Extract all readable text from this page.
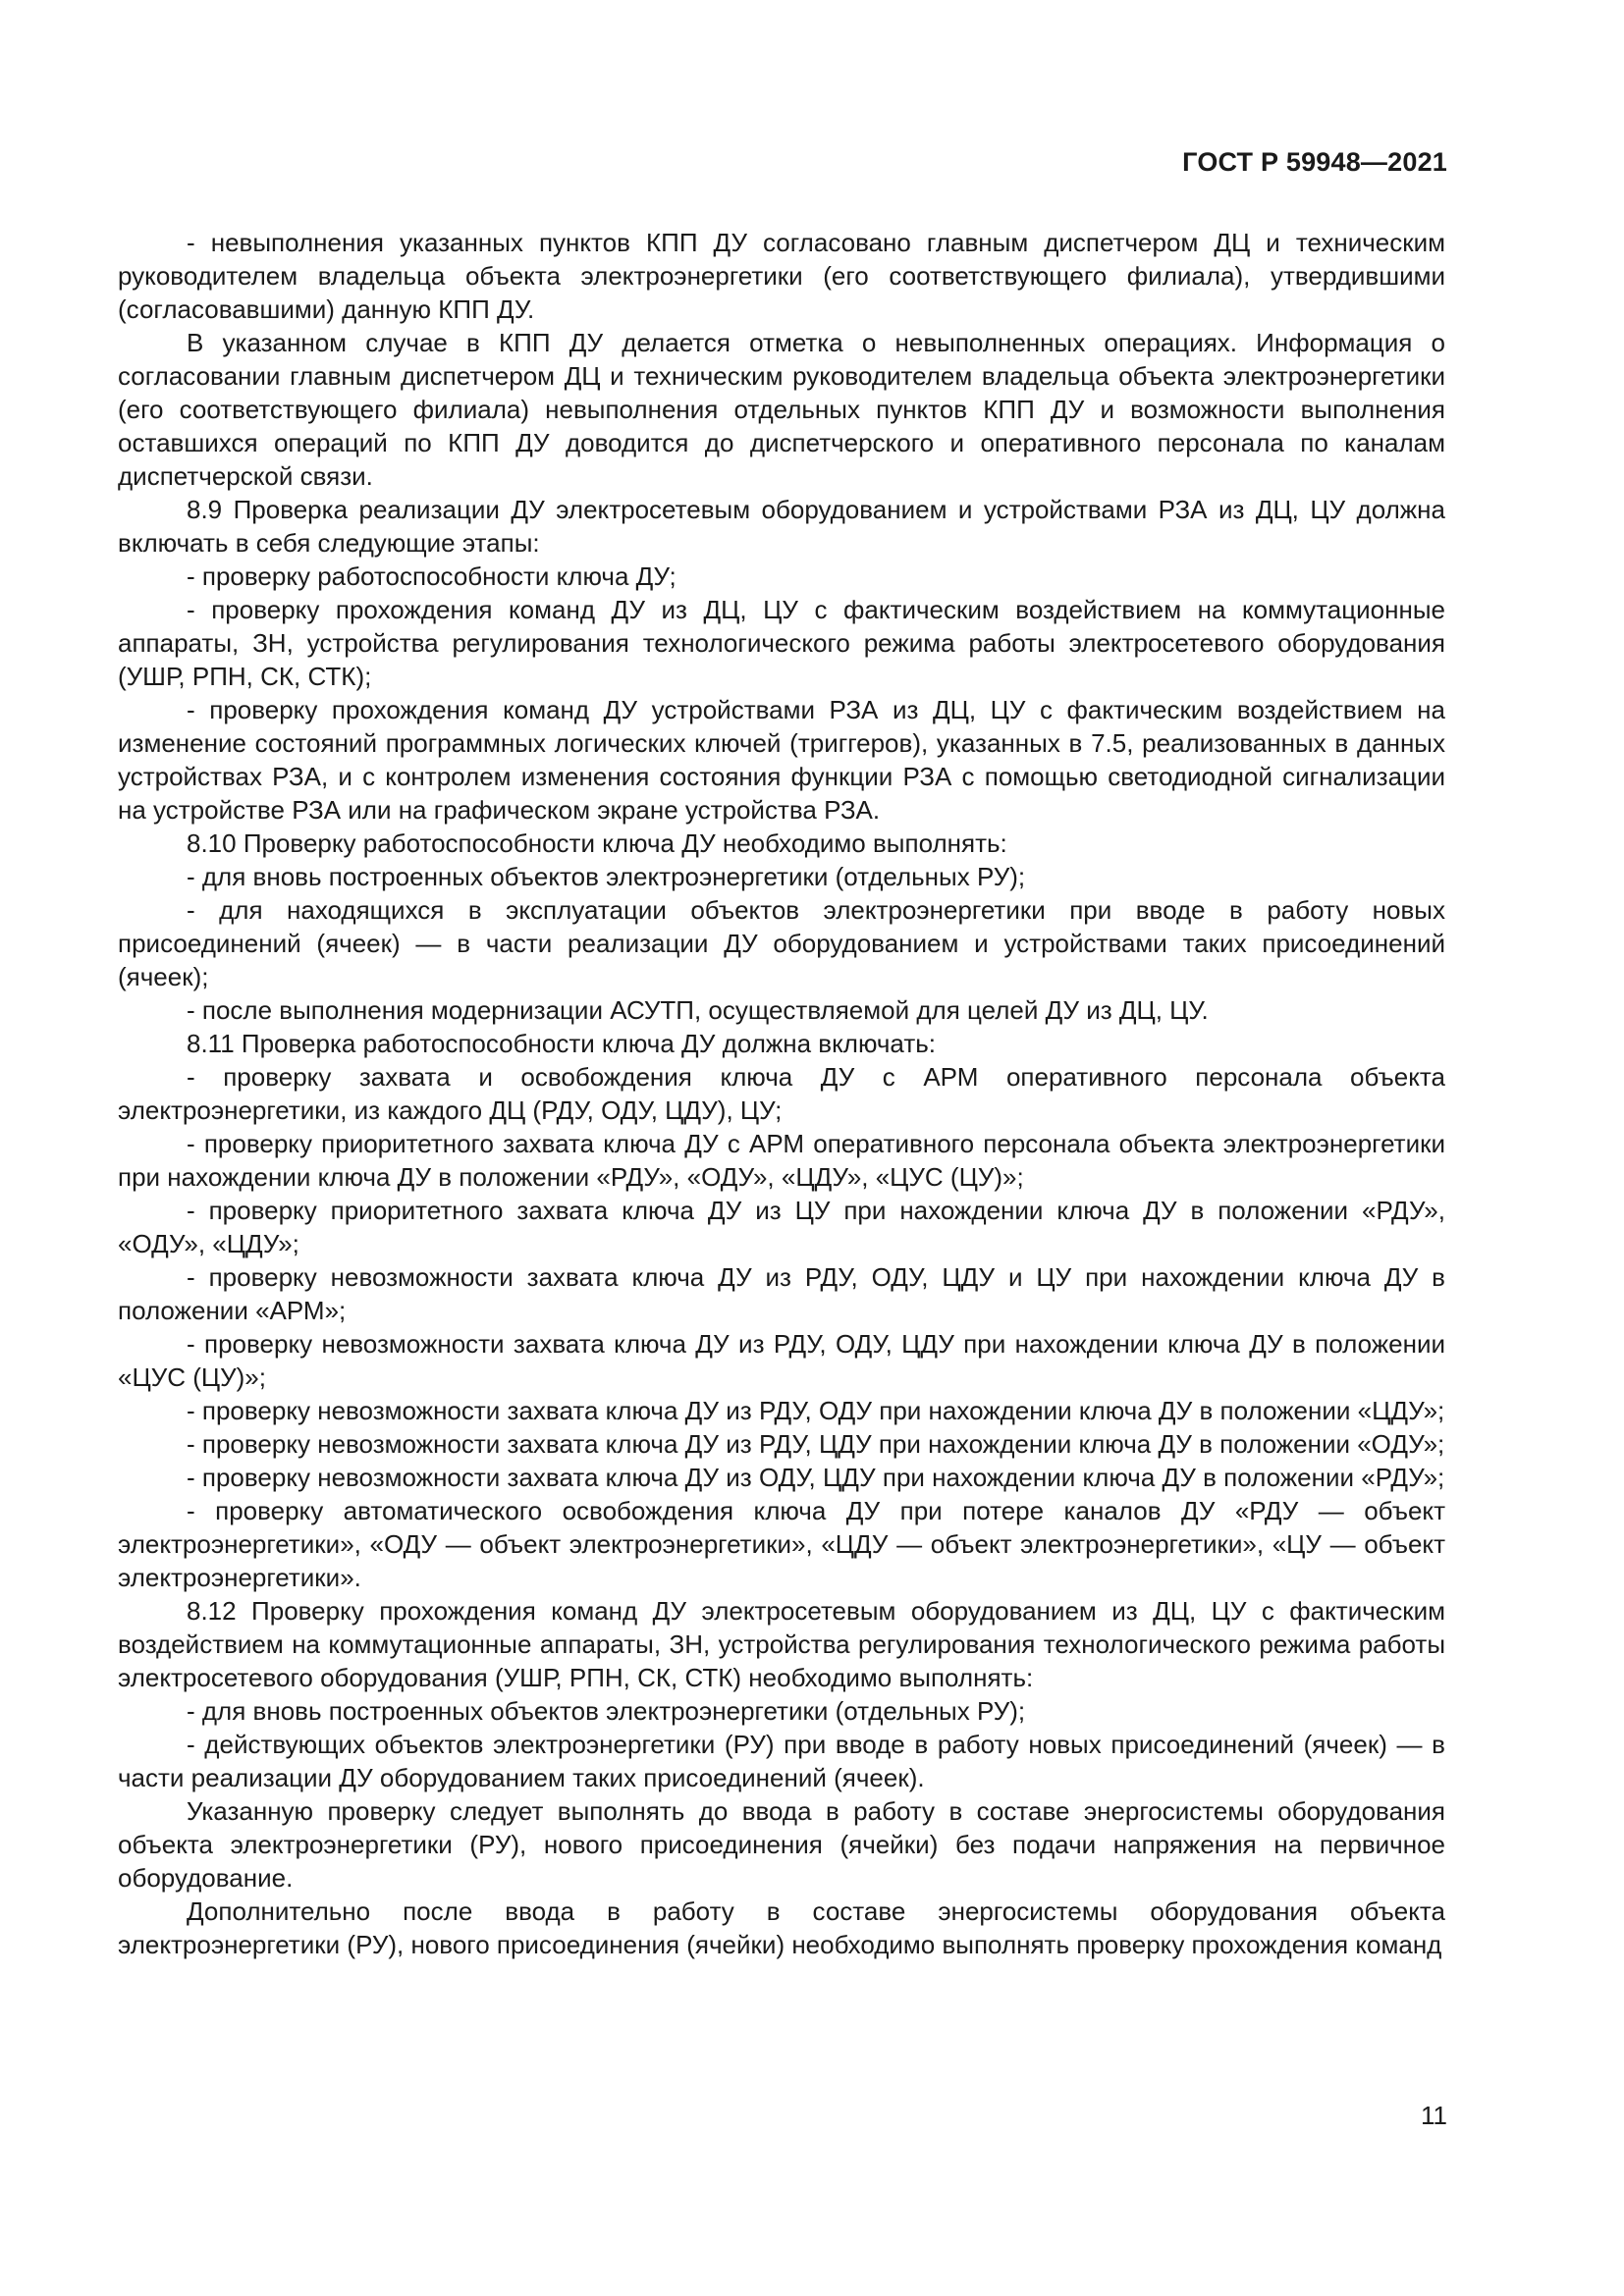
ГОСТ Р 59948—2021

- невыполнения указанных пунктов КПП ДУ согласовано главным диспетчером ДЦ и техническим руководителем владельца объекта электроэнергетики (его соответствующего филиала), утвердившими (согласовавшими) данную КПП ДУ.

В указанном случае в КПП ДУ делается отметка о невыполненных операциях. Информация о согласовании главным диспетчером ДЦ и техническим руководителем владельца объекта электроэнергетики (его соответствующего филиала) невыполнения отдельных пунктов КПП ДУ и возможности выполнения оставшихся операций по КПП ДУ доводится до диспетчерского и оперативного персонала по каналам диспетчерской связи.

8.9 Проверка реализации ДУ электросетевым оборудованием и устройствами РЗА из ДЦ, ЦУ должна включать в себя следующие этапы:

- проверку работоспособности ключа ДУ;

- проверку прохождения команд ДУ из ДЦ, ЦУ с фактическим воздействием на коммутационные аппараты, ЗН, устройства регулирования технологического режима работы электросетевого оборудования (УШР, РПН, СК, СТК);

- проверку прохождения команд ДУ устройствами РЗА из ДЦ, ЦУ с фактическим воздействием на изменение состояний программных логических ключей (триггеров), указанных в 7.5, реализованных в данных устройствах РЗА, и с контролем изменения состояния функции РЗА с помощью светодиодной сигнализации на устройстве РЗА или на графическом экране устройства РЗА.

8.10 Проверку работоспособности ключа ДУ необходимо выполнять:

- для вновь построенных объектов электроэнергетики (отдельных РУ);

- для находящихся в эксплуатации объектов электроэнергетики при вводе в работу новых присоединений (ячеек) — в части реализации ДУ оборудованием и устройствами таких присоединений (ячеек);

- после выполнения модернизации АСУТП, осуществляемой для целей ДУ из ДЦ, ЦУ.

8.11 Проверка работоспособности ключа ДУ должна включать:

- проверку захвата и освобождения ключа ДУ с АРМ оперативного персонала объекта электроэнергетики, из каждого ДЦ (РДУ, ОДУ, ЦДУ), ЦУ;

- проверку приоритетного захвата ключа ДУ с АРМ оперативного персонала объекта электроэнергетики при нахождении ключа ДУ в положении «РДУ», «ОДУ», «ЦДУ», «ЦУС (ЦУ)»;

- проверку приоритетного захвата ключа ДУ из ЦУ при нахождении ключа ДУ в положении «РДУ», «ОДУ», «ЦДУ»;

- проверку невозможности захвата ключа ДУ из РДУ, ОДУ, ЦДУ и ЦУ при нахождении ключа ДУ в положении «АРМ»;

- проверку невозможности захвата ключа ДУ из РДУ, ОДУ, ЦДУ при нахождении ключа ДУ в положении «ЦУС (ЦУ)»;

- проверку невозможности захвата ключа ДУ из РДУ, ОДУ при нахождении ключа ДУ в положении «ЦДУ»;

- проверку невозможности захвата ключа ДУ из РДУ, ЦДУ при нахождении ключа ДУ в положении «ОДУ»;

- проверку невозможности захвата ключа ДУ из ОДУ, ЦДУ при нахождении ключа ДУ в положении «РДУ»;

- проверку автоматического освобождения ключа ДУ при потере каналов ДУ «РДУ — объект электроэнергетики», «ОДУ — объект электроэнергетики», «ЦДУ — объект электроэнергетики», «ЦУ — объект электроэнергетики».

8.12 Проверку прохождения команд ДУ электросетевым оборудованием из ДЦ, ЦУ с фактическим воздействием на коммутационные аппараты, ЗН, устройства регулирования технологического режима работы электросетевого оборудования (УШР, РПН, СК, СТК) необходимо выполнять:

- для вновь построенных объектов электроэнергетики (отдельных РУ);

- действующих объектов электроэнергетики (РУ) при вводе в работу новых присоединений (ячеек) — в части реализации ДУ оборудованием таких присоединений (ячеек).

Указанную проверку следует выполнять до ввода в работу в составе энергосистемы оборудования объекта электроэнергетики (РУ), нового присоединения (ячейки) без подачи напряжения на первичное оборудование.

Дополнительно после ввода в работу в составе энергосистемы оборудования объекта электроэнергетики (РУ), нового присоединения (ячейки) необходимо выполнять проверку прохождения команд

11
